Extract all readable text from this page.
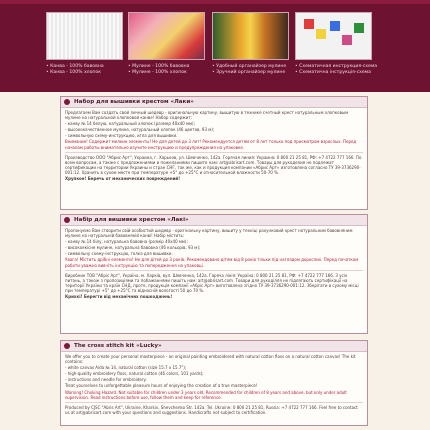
• Канва - 100% бавовна
• Канва - 100% хлопок
• Мулине - 100% бавовна
• Мулине - 100% хлопок
• Удобный органайзер мулине
• Зручний органайзер мулине
• Схематичная инструкция-схема
• Схематична інструкція-схема
Набор для вышивки крестом «Лаки»

Предлагаем Вам создать свой личный шедевр - оригинальную картину, вышитую в технике счетный крест натуральным хлопковым мулине на натуральной хлопковой канве! Набор содержит:

- канву № 14 белую, натуральный хлопок (размер 40х40 мм);

- высококачественное мулине, натуральный хлопок (46 цветов, 93 м);

- символьную схему-инструкцию, игла для вышивки.

Внимание! Содержит мелкие элементы! Не для детей до 3 лет! Рекомендуется детям от 8 лет только под присмотром взрослых. Перед началом работы внимательно изучите инструкцию и предупреждения на упаковке.

Производство ООО "Абрис Арт", Украина, г. Харьков, ул. Шевченко, 142а. Горячая линия: Украина: 0 800 21 25 81, РФ: +7 4722 777 166. По всем вопросам, а также с предложениями и пожеланиями пишите нам: art@abrisart.com. Товары для рукоделия не подлежат сертификации на территории Украины и стран СНГ, так же, как и продукция компании «Абрис Арт» изготовлена согласно ТУ 39-3736290-001:12. Хранить в сухом месте при температуре +5° до +25°С и относительной влажности 50-70 %.

Хрупкое! Беречь от механических повреждений!

Набір для вишивки хрестом «Лакі»

Пропонуємо Вам створити свій особистий шедевр - оригінальну картину, вишиту у техніці рахунковий хрест натуральним бавовняним мулине на натуральній бавовняній канві! Набір містить:

- канву № 14 білу, натуральна бавовна (розмір 40х40 мм);

- високоякісне мулине, натуральна бавовна (46 кольорів, 93 м);

- символьну схему-інструкцію, голка для вишивки.

Увага! Містить дрібні елементи! Не для дітей до 3 років. Рекомендовано дітям від 8 років тільки під наглядом дорослих. Перед початком роботи уважно вивчіть інструкцію та попередження на упаковці.

Виробник ТОВ "Абріс Арт", Україна, м. Харків, вул. Шевченка, 142а. Гаряча лінія: Україна: 0 800 21 25 81, РФ: +7 4722 777 166. З усіх питань, а також з пропозиціями та побажаннями пишіть нам: art@abrisart.com. Товари для рукоділля не підлягають сертифікації на території України та країн СНД, проте, продукція компанії «Абріс Арт» виготовлена згідно ТУ 39-3736290-001:12. Зберігати в сухому місці при температурі +5° до +25°С та відносній вологості 50 до 70 %.

Крихкі! Берегти від механічних пошкоджень!

The cross stitch kit «Lucky»

We offer you to create your personal masterpiece - an original painting embroidered with natural cotton floss on a natural cotton canvas! The kit contains:

- white canvas Aida № 14, natural cotton (size 15.7 x 15.7");

- high-quality embroidery floss, natural cotton (46 colors, 101 yards);

- instructions and needle for embroidery.

Treat yourselves to unforgettable pleasure hours of enjoying the creation of a true masterpiece!

Warning! Choking Hazard. Not suitable for children under 3 years old. Recommended for children of 8 years and above, but only under adult supervision. Read instructions before use, follow them and keep for reference.

Produced by CJSC "Abris Art", Ukraine, Kharkiv, Shevchenko Str. 142a. Tel. Ukraine: 0 800 21 25 81, Russia: +7 4722 777 166. Feel free to contact us at art@abrisart.com with your questions and suggestions. Handicrafts not subject to certification.
